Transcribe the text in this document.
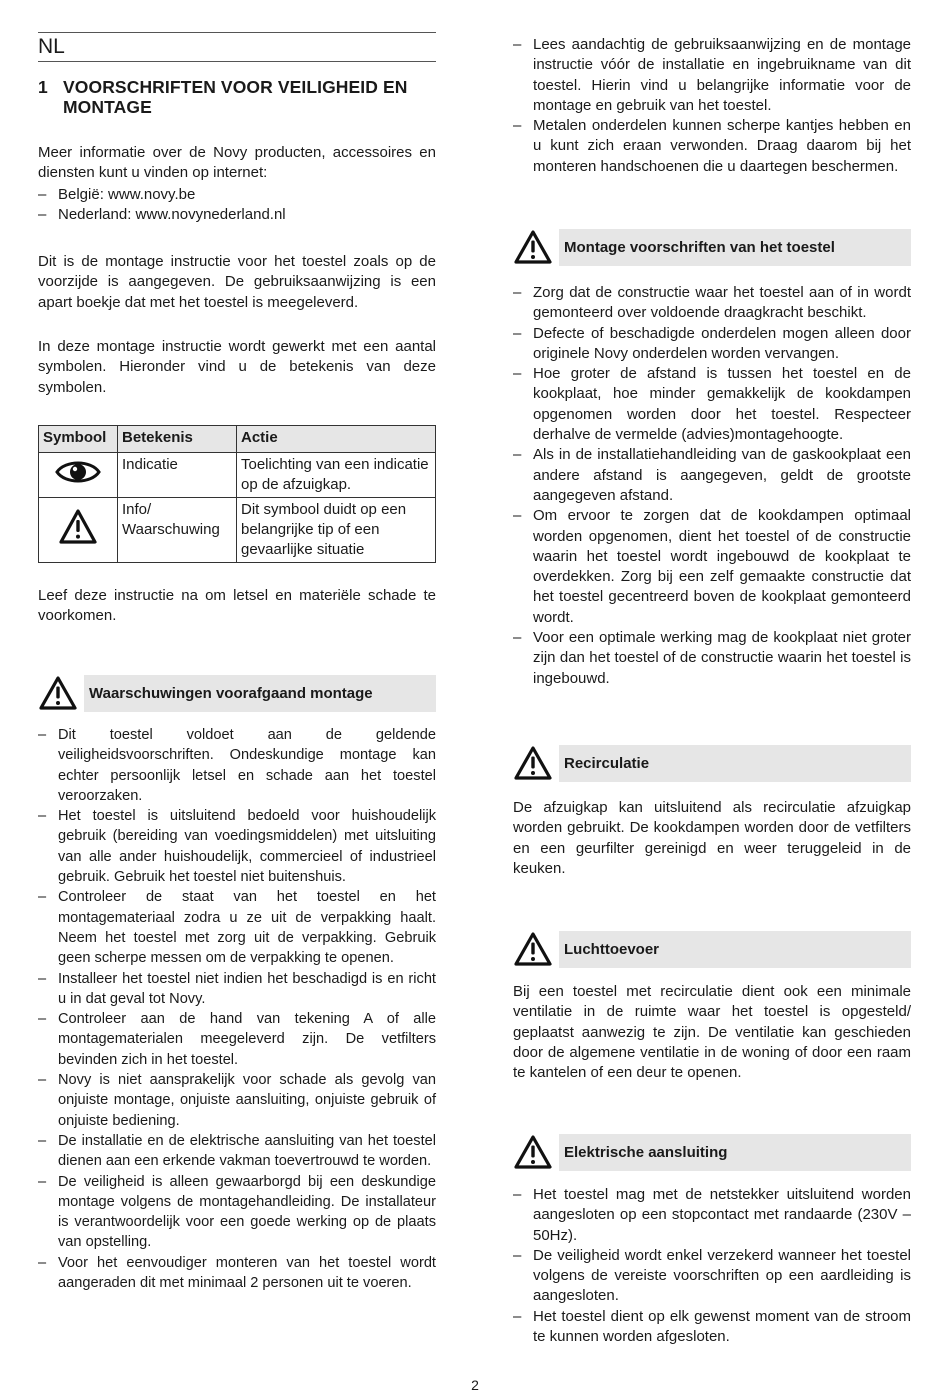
NL
1 VOORSCHRIFTEN VOOR VEILIGHEID EN MONTAGE
Meer informatie over de Novy producten, accessoires en diensten kunt u vinden op internet:
– België: www.novy.be
– Nederland: www.novynederland.nl
Dit is de montage instructie voor het toestel zoals op de voorzijde is aangegeven. De gebruiksaanwijzing is een apart boekje dat met het toestel is meegeleverd.
In deze montage instructie wordt gewerkt met een aantal symbolen. Hieronder vind u de betekenis van deze symbolen.
Symbool	Betekenis	Actie
	Indicatie	Toelichting van een indicatie op de afzuigkap.
	Info/ Waarschuwing	Dit symbool duidt op een belangrijke tip of een gevaarlijke situatie
Leef deze instructie na om letsel en materiële schade te voorkomen.
Waarschuwingen voorafgaand montage
– Dit toestel voldoet aan de geldende veiligheidsvoorschriften. Ondeskundige montage kan echter persoonlijk letsel en schade aan het toestel veroorzaken.
– Het toestel is uitsluitend bedoeld voor huishoudelijk gebruik (bereiding van voedingsmiddelen) met uitsluiting van alle ander huishoudelijk, commercieel of industrieel gebruik. Gebruik het toestel niet buitenshuis.
– Controleer de staat van het toestel en het montagemateriaal zodra u ze uit de verpakking haalt. Neem het toestel met zorg uit de verpakking. Gebruik geen scherpe messen om de verpakking te openen.
– Installeer het toestel niet indien het beschadigd is en richt u in dat geval tot Novy.
– Controleer aan de hand van tekening A of alle montagematerialen meegeleverd zijn. De vetfilters bevinden zich in het toestel.
– Novy is niet aansprakelijk voor schade als gevolg van onjuiste montage, onjuiste aansluiting, onjuiste gebruik of onjuiste bediening.
– De installatie en de elektrische aansluiting van het toestel dienen aan een erkende vakman toevertrouwd te worden.
– De veiligheid is alleen gewaarborgd bij een deskundige montage volgens de montagehandleiding. De installateur is verantwoordelijk voor een goede werking op de plaats van opstelling.
– Voor het eenvoudiger monteren van het toestel wordt aangeraden dit met minimaal 2 personen uit te voeren.
– Lees aandachtig de gebruiksaanwijzing en de montage instructie vóór de installatie en ingebruikname van dit toestel. Hierin vind u belangrijke informatie voor de montage en gebruik van het toestel.
– Metalen onderdelen kunnen scherpe kantjes hebben en u kunt zich eraan verwonden. Draag daarom bij het monteren handschoenen die u daartegen beschermen.
Montage voorschriften van het toestel
– Zorg dat de constructie waar het toestel aan of in wordt gemonteerd over voldoende draagkracht beschikt.
– Defecte of beschadigde onderdelen mogen alleen door originele Novy onderdelen worden vervangen.
– Hoe groter de afstand is tussen het toestel en de kookplaat, hoe minder gemakkelijk de kookdampen opgenomen worden door het toestel. Respecteer derhalve de vermelde (advies)montagehoogte.
– Als in de installatiehandleiding van de gaskookplaat een andere afstand is aangegeven, geldt de grootste aangegeven afstand.
– Om ervoor te zorgen dat de kookdampen optimaal worden opgenomen, dient het toestel of de constructie waarin het toestel wordt ingebouwd de kookplaat te overdekken. Zorg bij een zelf gemaakte constructie dat het toestel gecentreerd boven de kookplaat gemonteerd wordt.
– Voor een optimale werking mag de kookplaat niet groter zijn dan het toestel of de constructie waarin het toestel is ingebouwd.
Recirculatie
De afzuigkap kan uitsluitend als recirculatie afzuigkap worden gebruikt. De kookdampen worden door de vetfilters en een geurfilter gereinigd en weer teruggeleid in de keuken.
Luchttoevoer
Bij een toestel met recirculatie dient ook een minimale ventilatie in de ruimte waar het toestel is opgesteld/ geplaatst aanwezig te zijn. De ventilatie kan geschieden door de algemene ventilatie in de woning of door een raam te kantelen of een deur te openen.
Elektrische aansluiting
– Het toestel mag met de netstekker uitsluitend worden aangesloten op een stopcontact met randaarde (230V – 50Hz).
– De veiligheid wordt enkel verzekerd wanneer het toestel volgens de vereiste voorschriften op een aardleiding is aangesloten.
– Het toestel dient op elk gewenst moment van de stroom te kunnen worden afgesloten.
2
